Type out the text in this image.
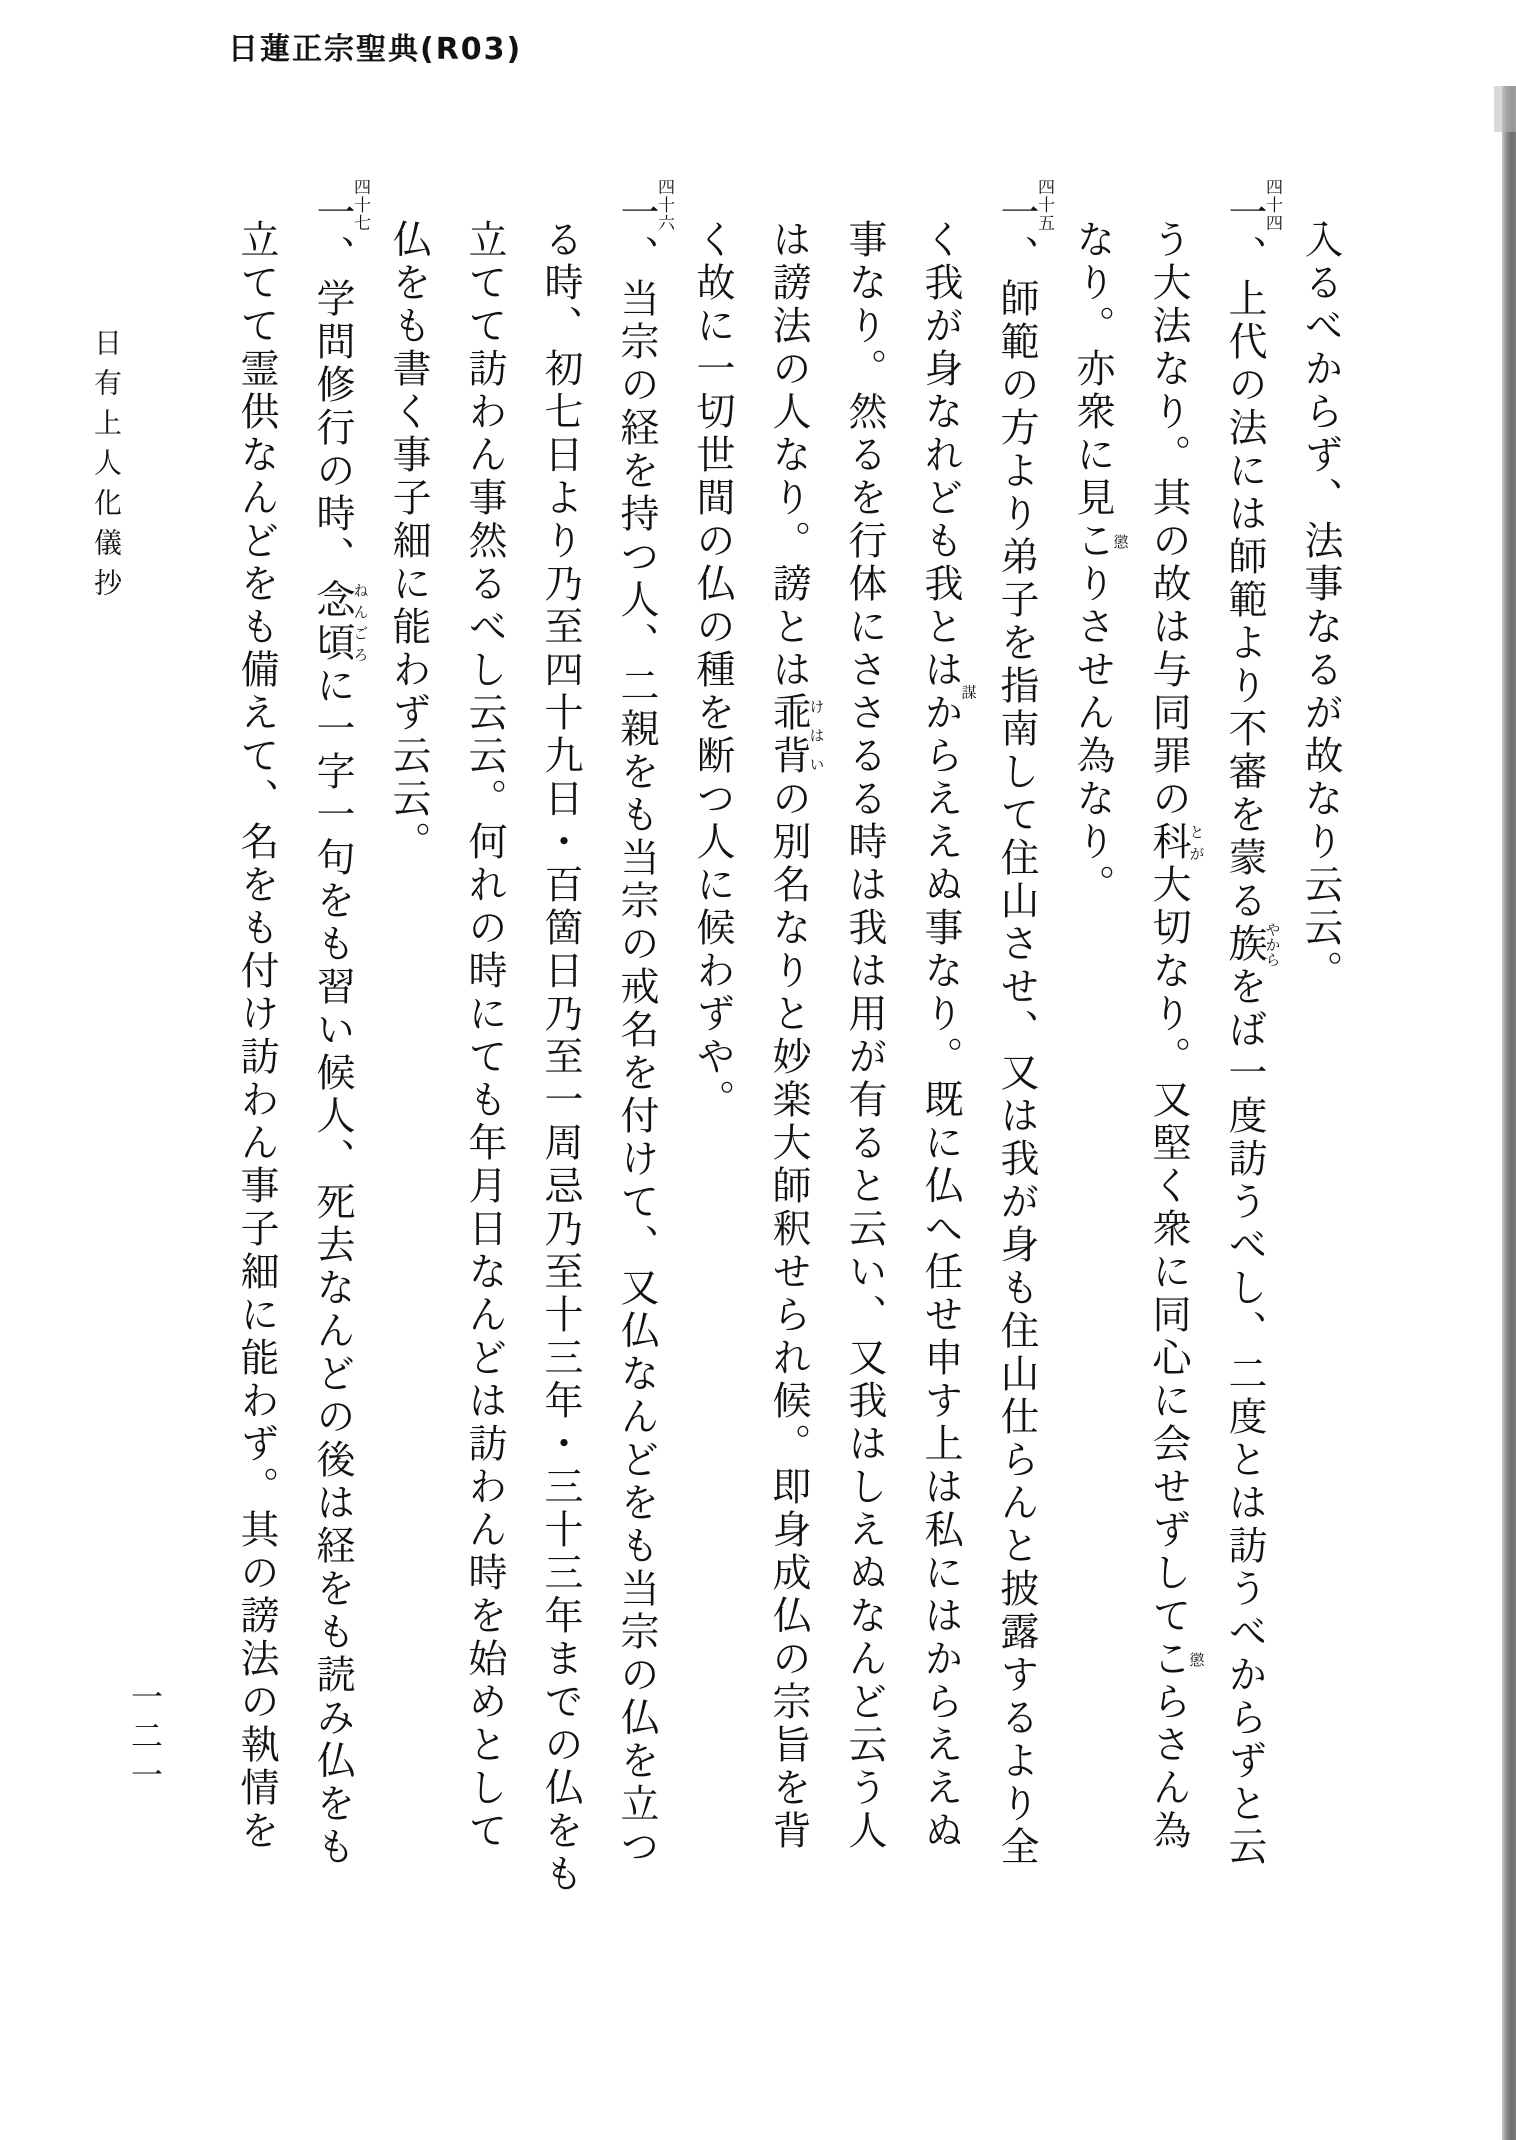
日蓮正宗聖典(R03)

入るべからず、法事なるが故なり云云。

四十四
一、上代の法には師範より不審を蒙る族やからをば一度訪うべし、二度とは訪うべからずと云

う大法なり。其の故は与同罪の科とが大切なり。又堅く衆に同心に会せずしてこ懲らさん為

なり。亦衆に見こ懲りさせん為なり。

四十五
一、師範の方より弟子を指南して住山させ、又は我が身も住山仕らんと披露するより全

く我が身なれども我とはか謀らええぬ事なり。既に仏へ任せ申す上は私にはからええぬ

事なり。然るを行体にささるる時は我は用が有ると云い、又我はしえぬなんど云う人

は謗法の人なり。謗とは乖背けはいの別名なりと妙楽大師釈せられ候。即身成仏の宗旨を背

く故に一切世間の仏の種を断つ人に候わずや。

四十六
一、当宗の経を持つ人、二親をも当宗の戒名を付けて、又仏なんどをも当宗の仏を立つ

る時、初七日より乃至四十九日・百箇日乃至一周忌乃至十三年・三十三年までの仏をも

立てて訪わん事然るべし云云。何れの時にても年月日なんどは訪わん時を始めとして

仏をも書く事子細に能わず云云。

四十七
一、学問修行の時、念頃ねんごろに一字一句をも習い候人、死去なんどの後は経をも読み仏をも

立てて霊供なんどをも備えて、名をも付け訪わん事子細に能わず。其の謗法の執情を

日有上人化儀抄
一二一
